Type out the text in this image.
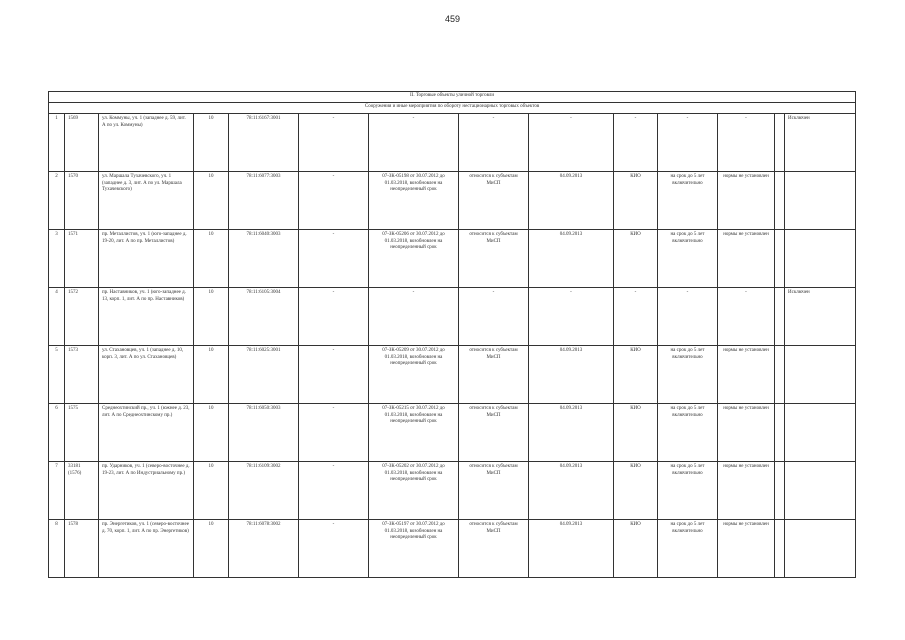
459
II. Торговые объекты уличной торговли													
Сооружения и иные мероприятия по обороту нестационарных торговых объектов													
1	1569	ул. Коммуны, уч. 1 (западнее д. 59, лит. А по ул. Коммуны)	10	78:11:6167:3001	-	-	-	-	-	-	-		Исключен
2	1570	ул. Маршала Тухачевского, уч. 1 (западнее д. 3, лит. А по ул. Маршала Тухачевского)	10	78:11:6077:3003	-	07-ЗК-05198 от 30.07.2012 до 01.03.2018, возобновлен на неопределенный срок	относится к субъектам МиСП	04.09.2013	КИО	на срок до 5 лет включительно	нормы не установлен		
3	1571	пр. Металлистов, уч. 1 (юго-западнее д. 19-20, лит. А по пр. Металлистов)	10	78:11:6040:3003	-	07-ЗК-05206 от 30.07.2012 до 01.03.2018, возобновлен на неопределенный срок	относится к субъектам МиСП	04.09.2013	КИО	на срок до 5 лет включительно	нормы не установлен		
4	1572	пр. Наставников, уч. 1 (юго-западнее д. 13, корп. 1, лит. А по пр. Наставников)	10	78:11:6105:3004	-	-	-	-	-	-	-		Исключен
5	1573	ул. Стахановцев, уч. 1 (западнее д. 10, корп. 3, лит. А по ул. Стахановцев)	10	78:11:6025:3001	-	07-ЗК-05209 от 30.07.2012 до 01.03.2018, возобновлен на неопределенный срок	относится к субъектам МиСП	04.09.2013	КИО	на срок до 5 лет включительно	нормы не установлен		
6	1575	Среднеохтинский пр., уч. 1 (южнее д. 23, лит. А по Среднеохтинскому пр.)	10	78:11:6050:3003	-	07-ЗК-05215 от 30.07.2012 до 01.03.2018, возобновлен на неопределенный срок	относится к субъектам МиСП	04.09.2013	КИО	на срок до 5 лет включительно	нормы не установлен		
7	33181 (1576)	пр. Ударников, уч. 1 (северо-восточнее д. 19-23, лит. А по Индустриальному пр.)	10	78:11:6109:3002	-	07-ЗК-05202 от 30.07.2012 до 01.03.2018, возобновлен на неопределенный срок	относится к субъектам МиСП	04.09.2013	КИО	на срок до 5 лет включительно	нормы не установлен		
8	1578	пр. Энергетиков, уч. 1 (северо-восточнее д. 70, корп. 1, лит. А по пр. Энергетиков)	10	78:11:6078:3002	-	07-ЗК-05197 от 30.07.2012 до 01.03.2018, возобновлен на неопределенный срок	относится к субъектам МиСП	04.09.2013	КИО	на срок до 5 лет включительно	нормы не установлен		
